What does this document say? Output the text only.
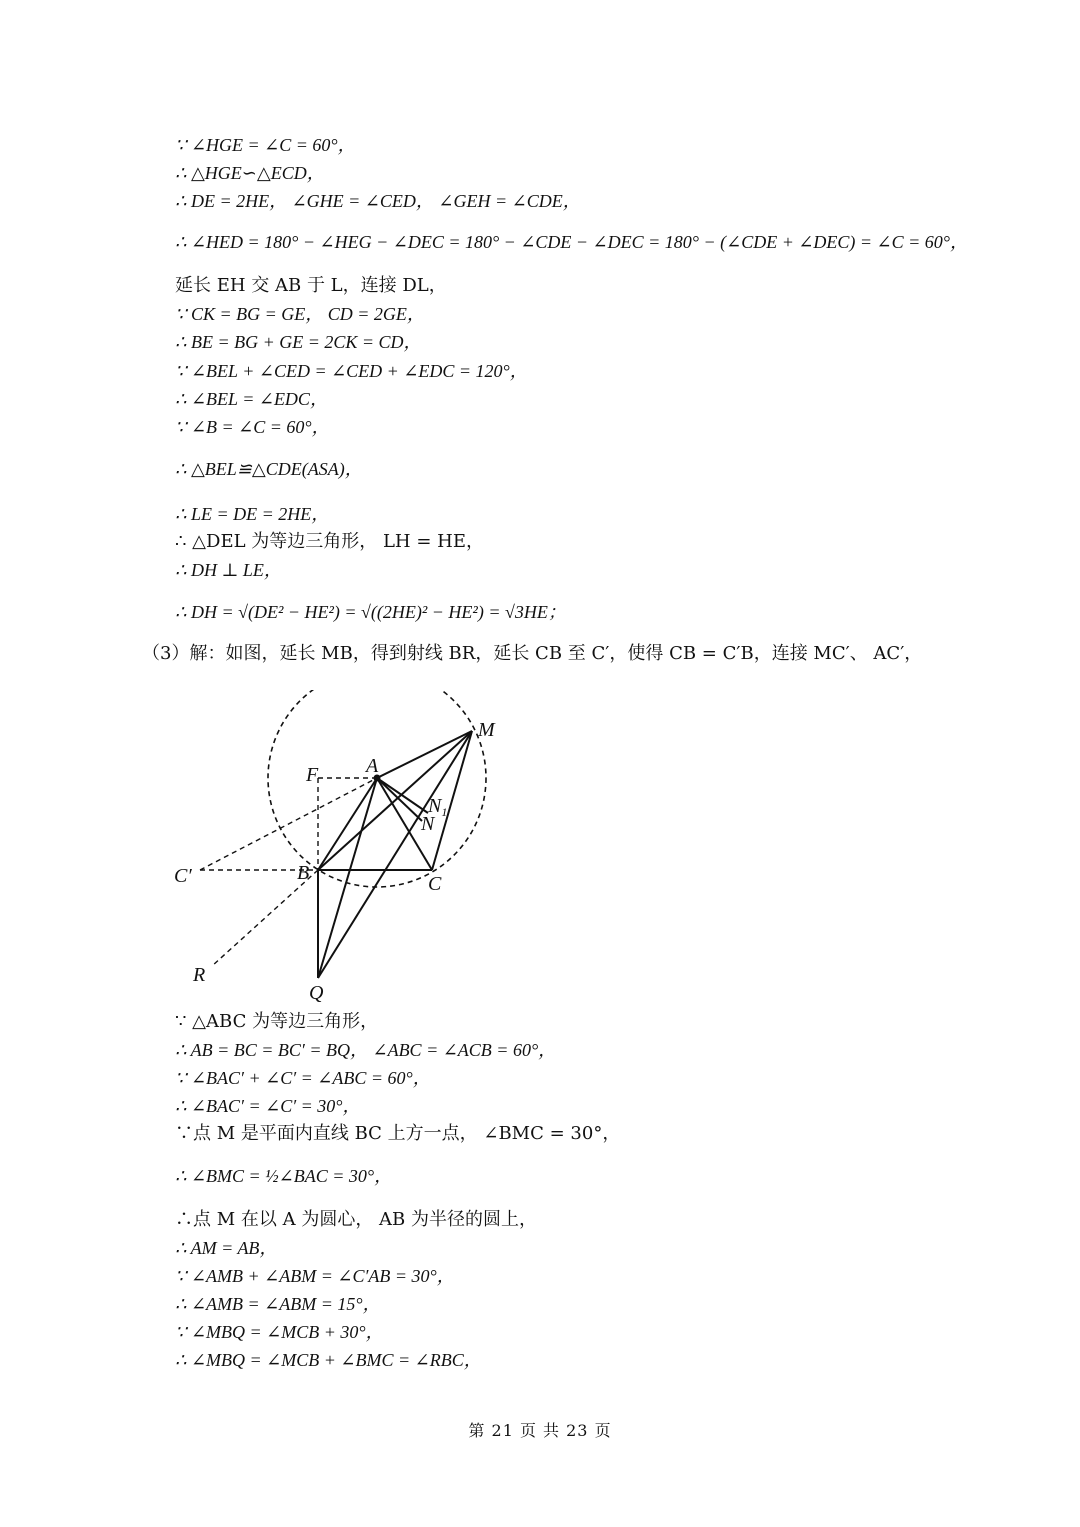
∵ ∠HGE = ∠C = 60°，
∴ △HGE∽△ECD，
∴ DE = 2HE， ∠GHE = ∠CED， ∠GEH = ∠CDE，
∴ ∠HED = 180° − ∠HEG − ∠DEC = 180° − ∠CDE − ∠DEC = 180° − (∠CDE + ∠DEC) = ∠C = 60°，
延长 EH 交 AB 于 L，连接 DL，
∵ CK = BG = GE， CD = 2GE，
∴ BE = BG + GE = 2CK = CD，
∵ ∠BEL + ∠CED = ∠CED + ∠EDC = 120°，
∴ ∠BEL = ∠EDC，
∵ ∠B = ∠C = 60°，
∴ △BEL≌△CDE(ASA)，
∴ LE = DE = 2HE，
∴ △DEL 为等边三角形， LH = HE，
∴ DH ⊥ LE，
∴ DH = √(DE² − HE²) = √((2HE)² − HE²) = √3HE；
（3）解：如图，延长 MB，得到射线 BR，延长 CB 至 C′，使得 CB = C′B，连接 MC′、 AC′，
M
A
F
$N_1$
N
C′	B	C
R
Q
∵ △ABC 为等边三角形，
∴ AB = BC = BC′ = BQ， ∠ABC = ∠ACB = 60°，
∵ ∠BAC′ + ∠C′ = ∠ABC = 60°，
∴ ∠BAC′ = ∠C′ = 30°，
∵点 M 是平面内直线 BC 上方一点， ∠BMC = 30°，
∴ ∠BMC = ½∠BAC = 30°，
∴点 M 在以 A 为圆心， AB 为半径的圆上，
∴ AM = AB，
∵ ∠AMB + ∠ABM = ∠C′AB = 30°，
∴ ∠AMB = ∠ABM = 15°，
∵ ∠MBQ = ∠MCB + 30°，
∴ ∠MBQ = ∠MCB + ∠BMC = ∠RBC，
第 21 页 共 23 页
